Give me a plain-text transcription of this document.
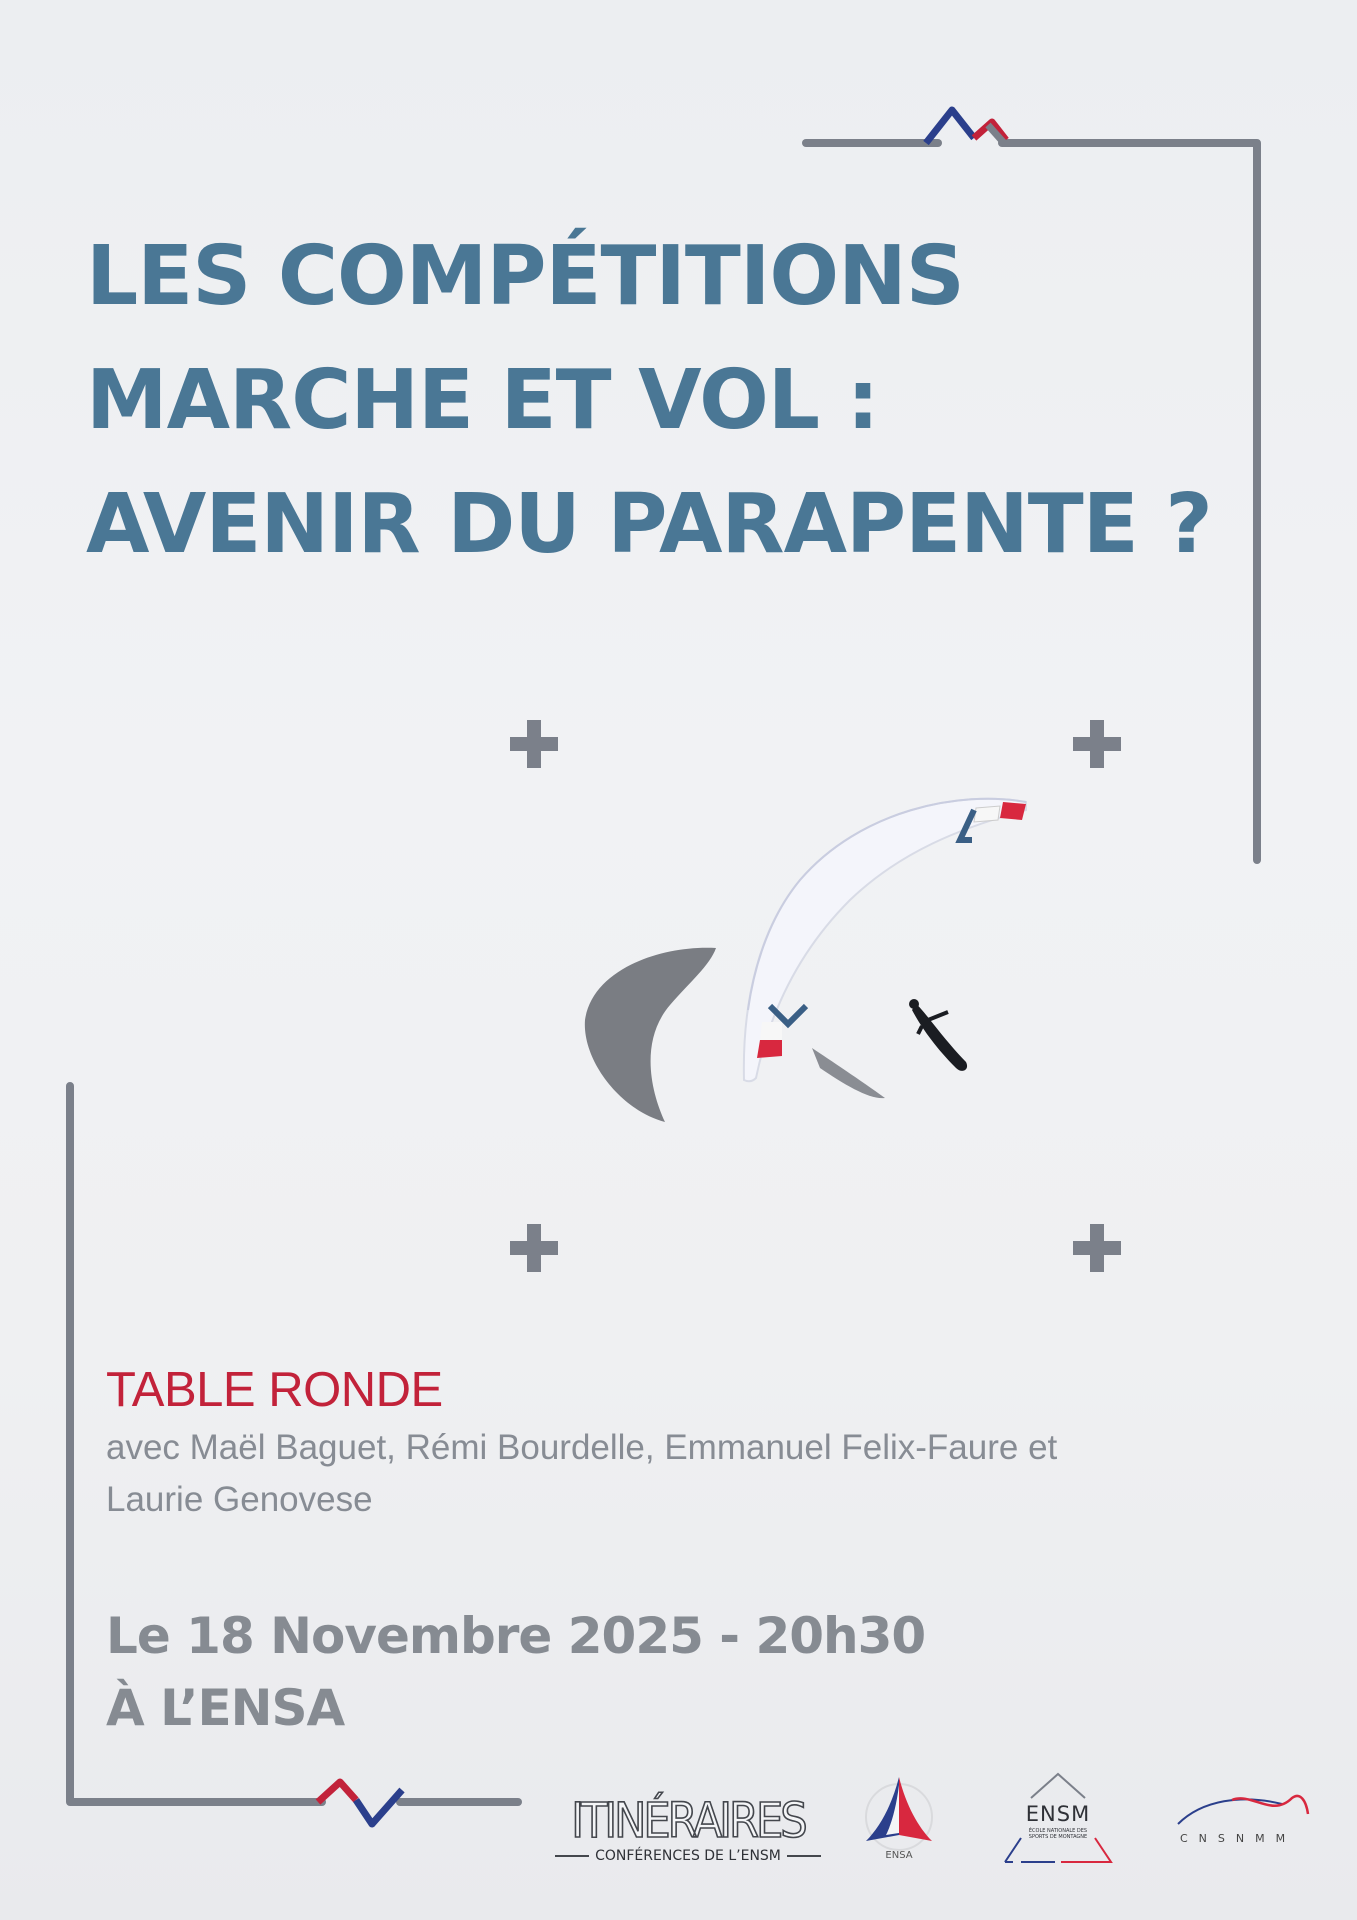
LES COMPÉTITIONS
MARCHE ET VOL :
AVENIR DU PARAPENTE ?
TABLE RONDE
avec Maël Baguet, Rémi Bourdelle, Emmanuel Felix-Faure et Laurie Genovese
Le 18 Novembre 2025 - 20h30
À L’ENSA
ITINÉRAIRES
CONFÉRENCES DE L’ENSM	ENSA
ENSM
ÉCOLE NATIONALE DES SPORTS DE MONTAGNE	CNSNMM
